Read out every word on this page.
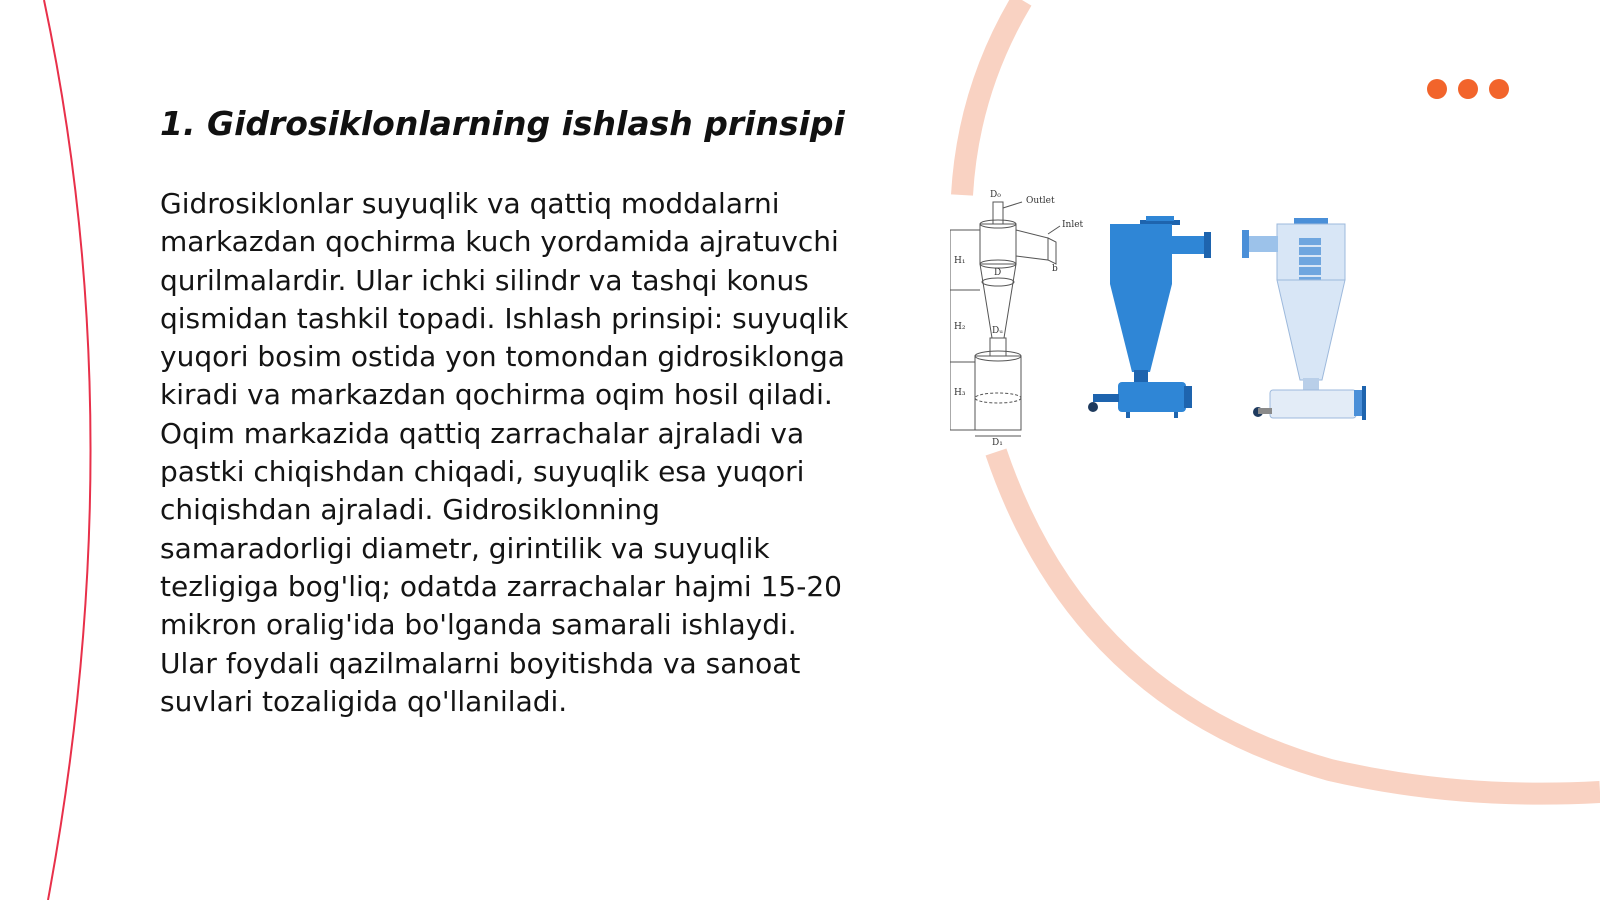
1. Gidrosiklonlarning ishlash prinsipi

Gidrosiklonlar suyuqlik va qattiq moddalarni markazdan qochirma kuch yordamida ajratuvchi qurilmalardir. Ular ichki silindr va tashqi konus qismidan tashkil topadi. Ishlash prinsipi: suyuqlik yuqori bosim ostida yon tomondan gidrosiklonga kiradi va markazdan qochirma oqim hosil qiladi. Oqim markazida qattiq zarrachalar ajraladi va pastki chiqishdan chiqadi, suyuqlik esa yuqori chiqishdan ajraladi. Gidrosiklonning samaradorligi diametr, girintilik va suyuqlik tezligiga bog'liq; odatda zarrachalar hajmi 15-20 mikron oralig'ida bo'lganda samarali ishlaydi. Ular foydali qazilmalarni boyitishda va sanoat suvlari tozaligida qo'llaniladi.

Outlet
Inlet
D₀
D
Dᵤ
D₁
H₁
H₂
H₃
b
